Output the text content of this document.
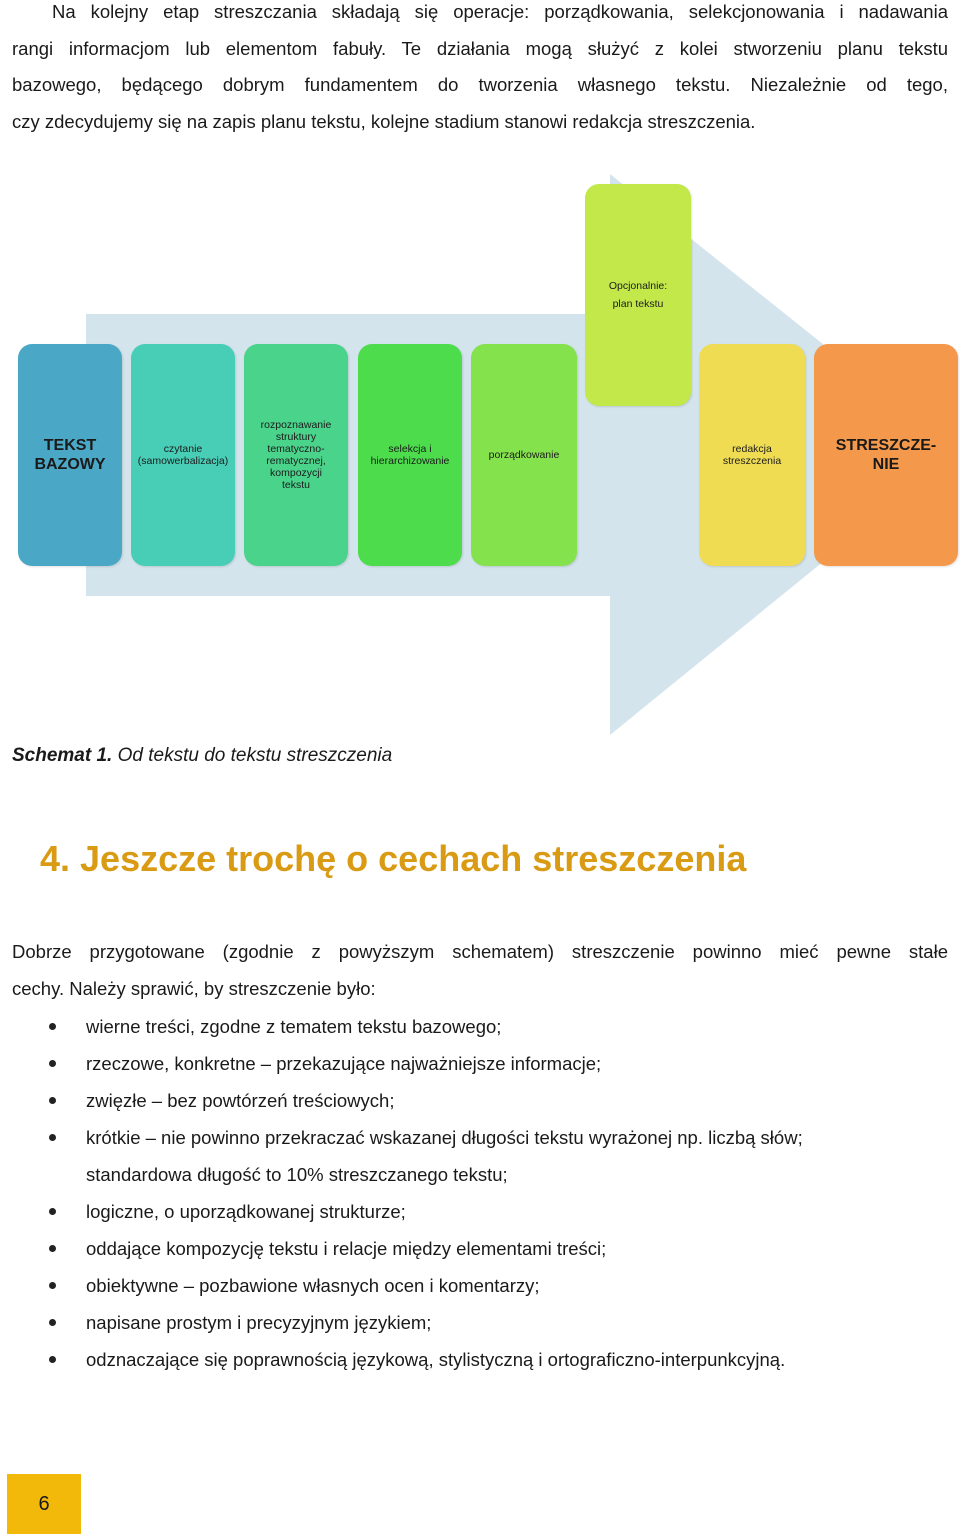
Na kolejny etap streszczania składają się operacje: porządkowania, selekcjonowania i nadawania
rangi informacjom lub elementom fabuły. Te działania mogą służyć z kolei stworzeniu planu tekstu
bazowego, będącego dobrym fundamentem do tworzenia własnego tekstu. Niezależnie od tego,
czy zdecydujemy się na zapis planu tekstu, kolejne stadium stanowi redakcja streszczenia.

Opcjonalnie:
plan tekstu
TEKST
BAZOWY
czytanie
(samowerbalizacja)
rozpoznawanie
struktury
tematyczno-
rematycznej,
kompozycji tekstu
selekcja i
hierarchizowanie	porządkowanie	redakcja
streszczenia
STRESZCZE-
NIE

Schemat 1. Od tekstu do tekstu streszczenia

4. Jeszcze trochę o cechach streszczenia

Dobrze przygotowane (zgodnie z powyższym schematem) streszczenie powinno mieć pewne stałe
cechy. Należy sprawić, by streszczenie było:

wierne treści, zgodne z tematem tekstu bazowego;
rzeczowe, konkretne – przekazujące najważniejsze informacje;
zwięzłe – bez powtórzeń treściowych;
krótkie – nie powinno przekraczać wskazanej długości tekstu wyrażonej np. liczbą słów;
standardowa długość to 10% streszczanego tekstu;
logiczne, o uporządkowanej strukturze;
oddające kompozycję tekstu i relacje między elementami treści;
obiektywne – pozbawione własnych ocen i komentarzy;
napisane prostym i precyzyjnym językiem;
odznaczające się poprawnością językową, stylistyczną i ortograficzno-interpunkcyjną.
6
